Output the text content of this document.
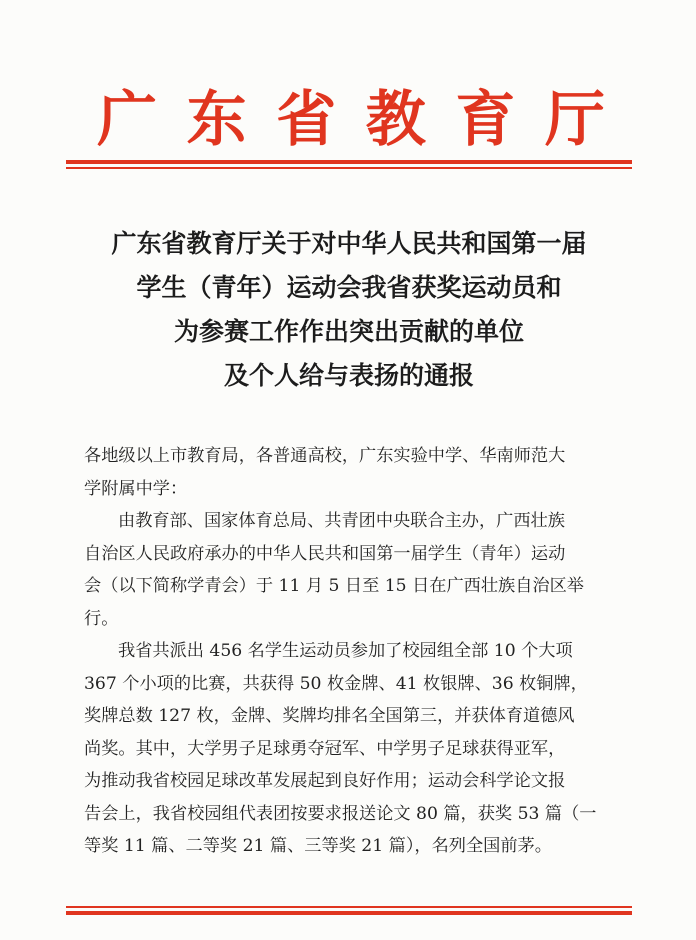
广 东 省 教 育 厅
广东省教育厅关于对中华人民共和国第一届
学生（青年）运动会我省获奖运动员和
为参赛工作作出突出贡献的单位
及个人给与表扬的通报
各地级以上市教育局，各普通高校，广东实验中学、华南师范大
学附属中学：
由教育部、国家体育总局、共青团中央联合主办，广西壮族
自治区人民政府承办的中华人民共和国第一届学生（青年）运动
会（以下简称学青会）于 11 月 5 日至 15 日在广西壮族自治区举
行。
我省共派出 456 名学生运动员参加了校园组全部 10 个大项
367 个小项的比赛，共获得 50 枚金牌、41 枚银牌、36 枚铜牌，
奖牌总数 127 枚，金牌、奖牌均排名全国第三，并获体育道德风
尚奖。其中，大学男子足球勇夺冠军、中学男子足球获得亚军，
为推动我省校园足球改革发展起到良好作用；运动会科学论文报
告会上，我省校园组代表团按要求报送论文 80 篇，获奖 53 篇（一
等奖 11 篇、二等奖 21 篇、三等奖 21 篇），名列全国前茅。
